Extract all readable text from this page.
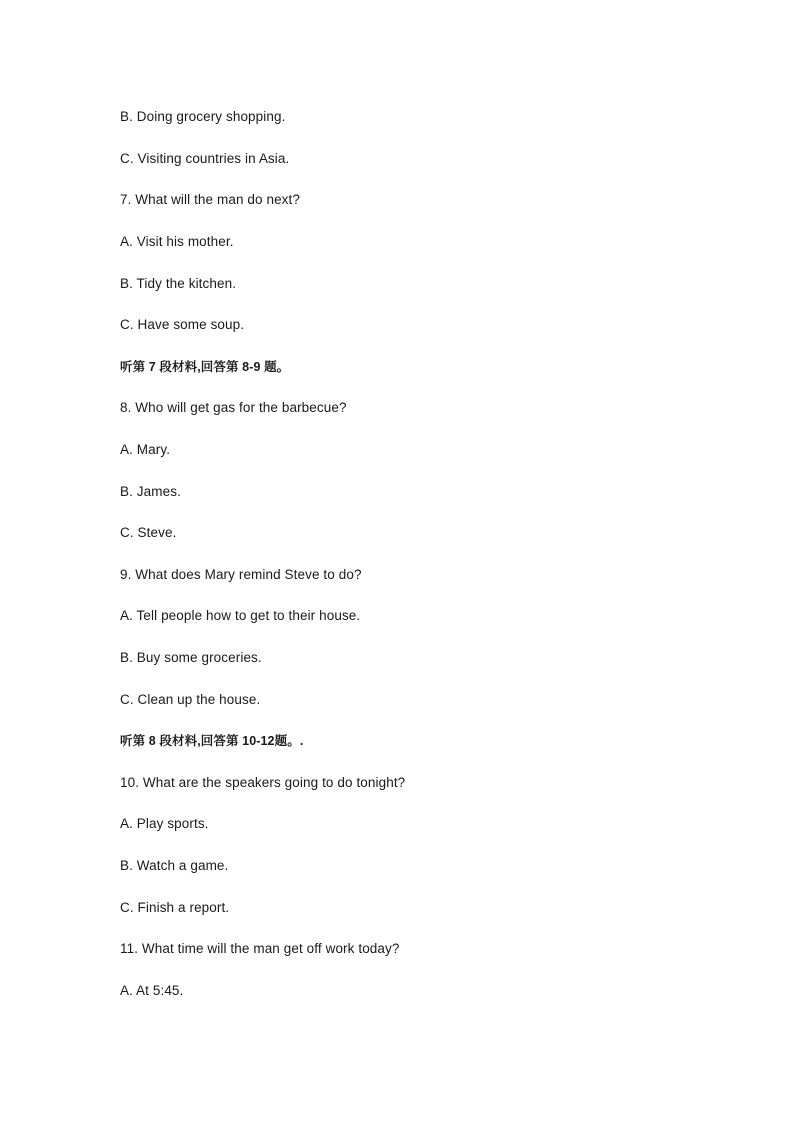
B. Doing grocery shopping.
C. Visiting countries in Asia.
7. What will the man do next?
A. Visit his mother.
B. Tidy the kitchen.
C. Have some soup.
听第 7 段材料,回答第 8-9 题。
8. Who will get gas for the barbecue?
A. Mary.
B. James.
C. Steve.
9. What does Mary remind Steve to do?
A. Tell people how to get to their house.
B. Buy some groceries.
C. Clean up the house.
听第 8 段材料,回答第 10-12题。.
10. What are the speakers going to do tonight?
A. Play sports.
B. Watch a game.
C. Finish a report.
11. What time will the man get off work today?
A. At 5:45.
